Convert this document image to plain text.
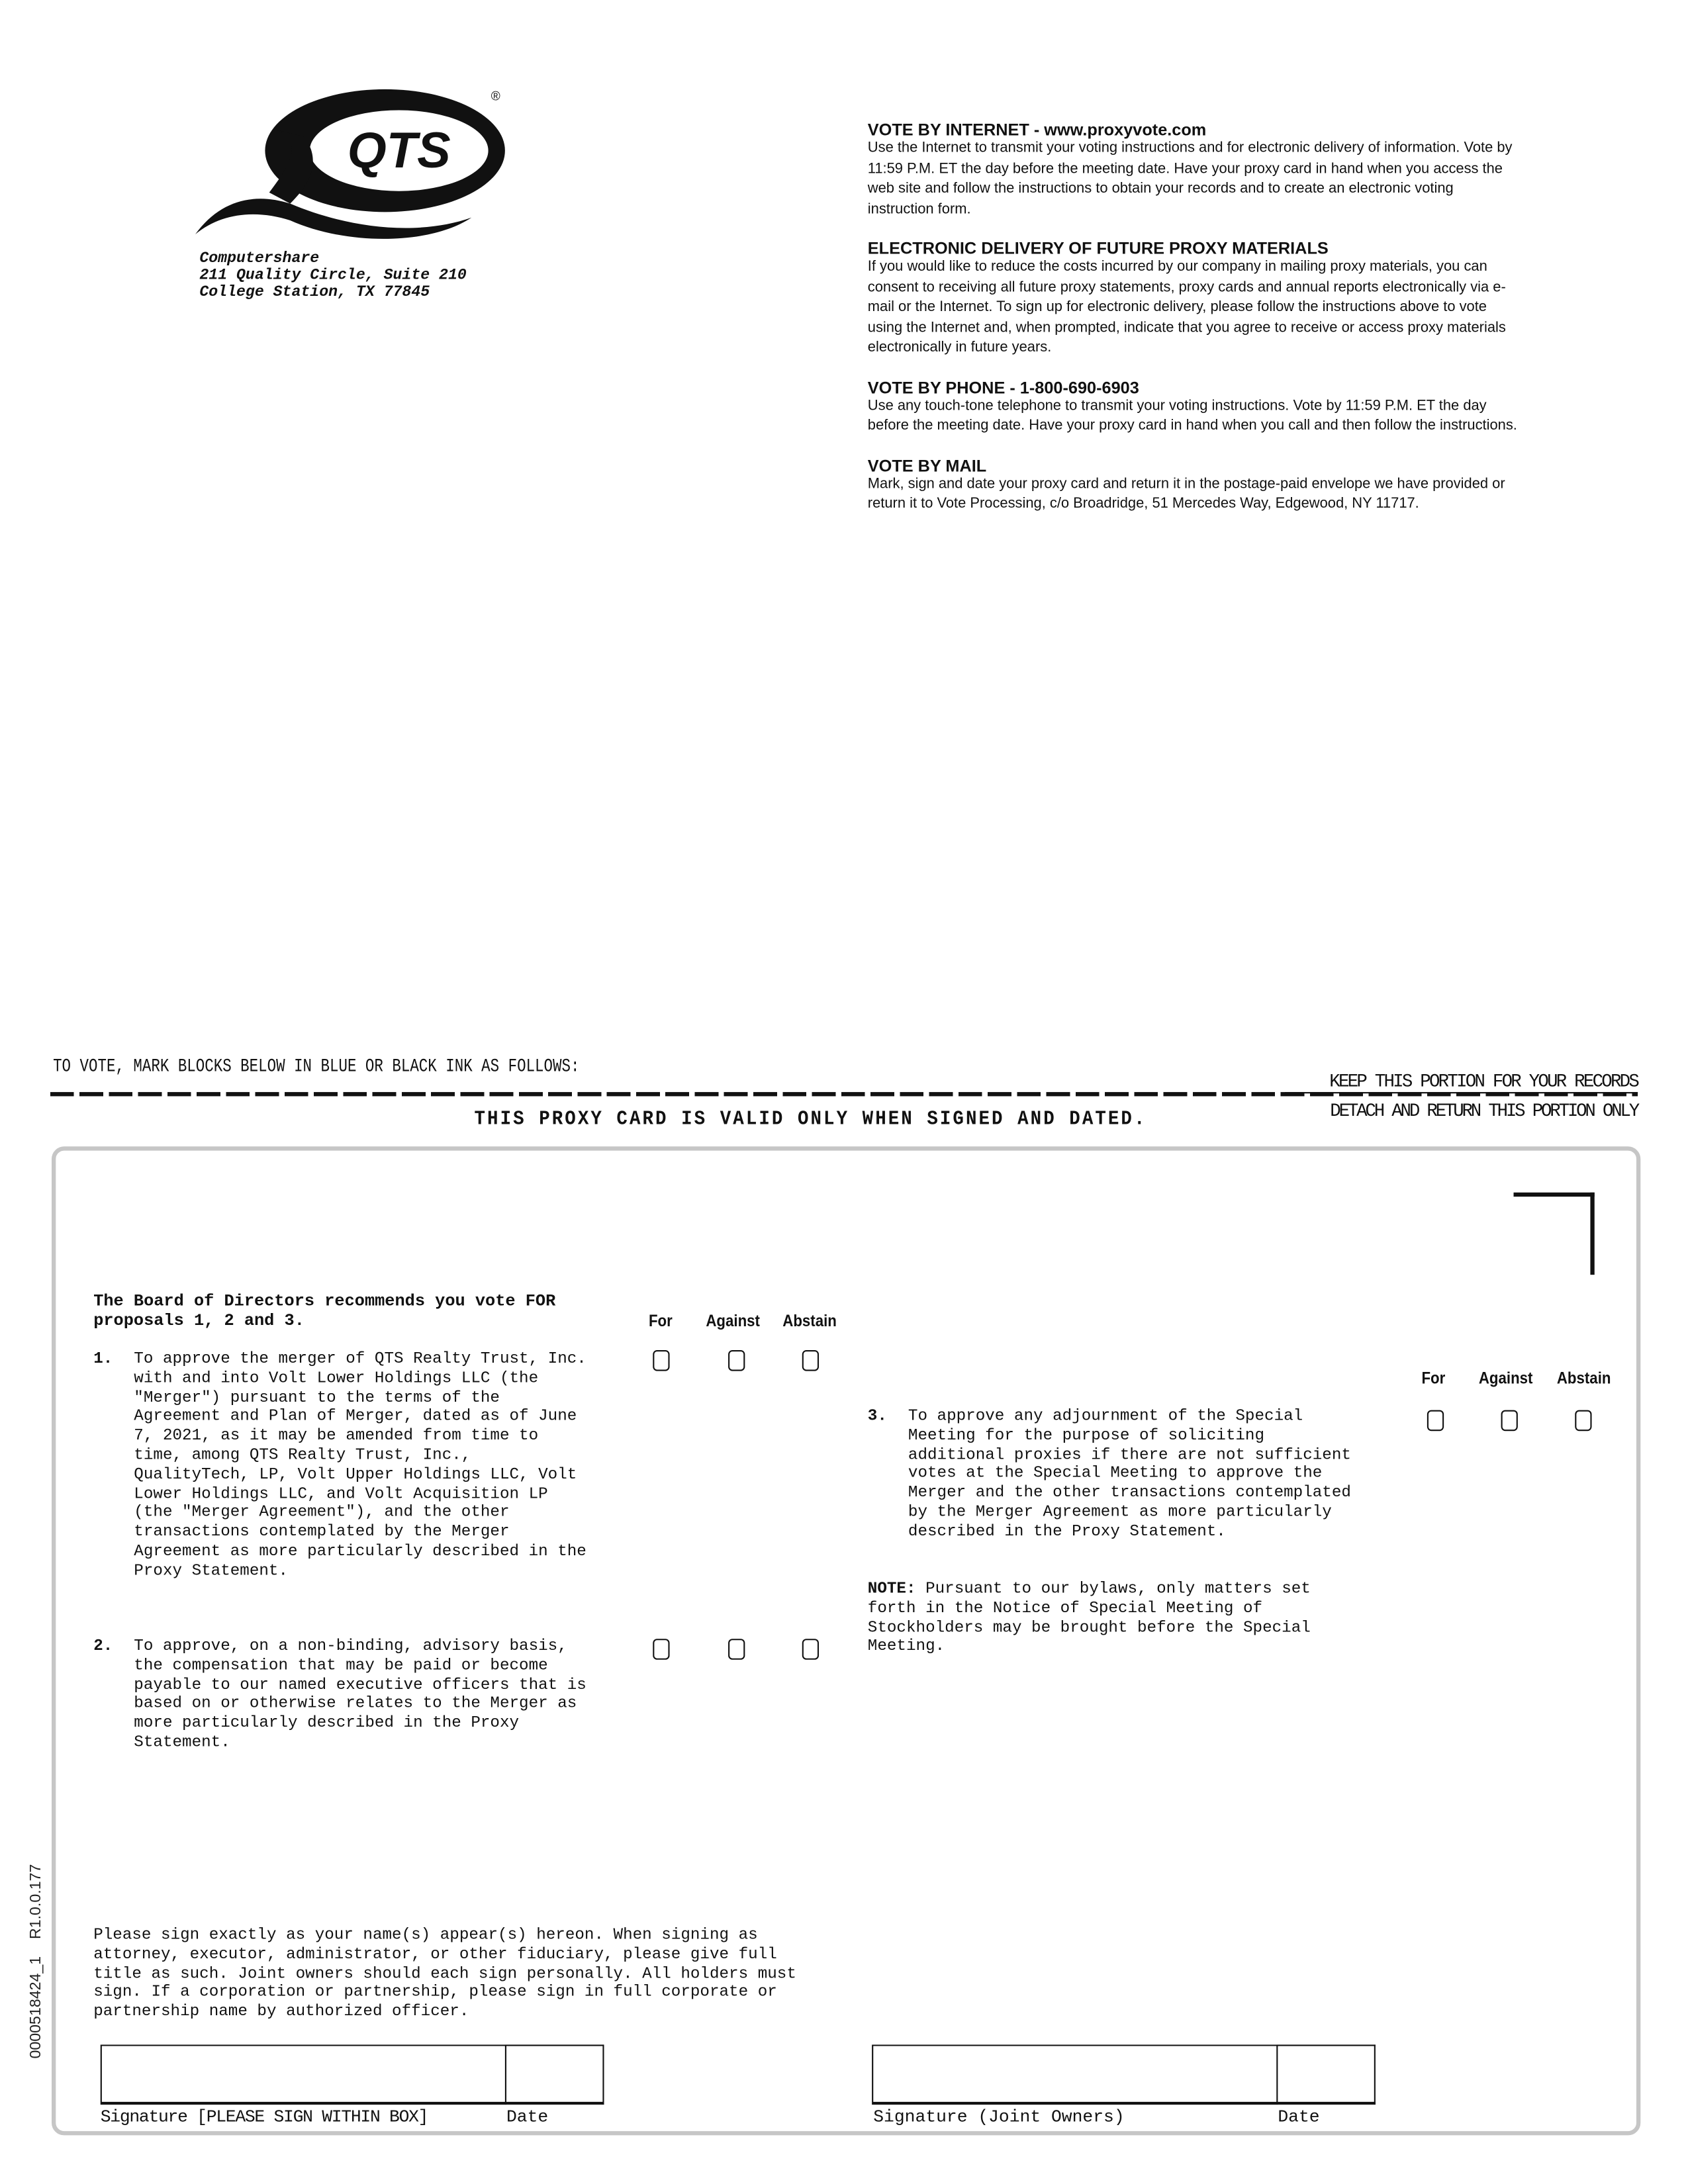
QTS
®
Computershare
211 Quality Circle, Suite 210
College Station, TX 77845
VOTE BY INTERNET - www.proxyvote.com
Use the Internet to transmit your voting instructions and for electronic delivery of information. Vote by 11:59 P.M. ET the day before the meeting date. Have your proxy card in hand when you access the web site and follow the instructions to obtain your records and to create an electronic voting instruction form.
ELECTRONIC DELIVERY OF FUTURE PROXY MATERIALS
If you would like to reduce the costs incurred by our company in mailing proxy materials, you can consent to receiving all future proxy statements, proxy cards and annual reports electronically via e-mail or the Internet. To sign up for electronic delivery, please follow the instructions above to vote using the Internet and, when prompted, indicate that you agree to receive or access proxy materials electronically in future years.
VOTE BY PHONE - 1-800-690-6903
Use any touch-tone telephone to transmit your voting instructions. Vote by 11:59 P.M. ET the day before the meeting date. Have your proxy card in hand when you call and then follow the instructions.
VOTE BY MAIL
Mark, sign and date your proxy card and return it in the postage-paid envelope we have provided or return it to Vote Processing, c/o Broadridge, 51 Mercedes Way, Edgewood, NY 11717.
TO VOTE, MARK BLOCKS BELOW IN BLUE OR BLACK INK AS FOLLOWS:
KEEP THIS PORTION FOR YOUR RECORDS
DETACH AND RETURN THIS PORTION ONLY
THIS PROXY CARD IS VALID ONLY WHEN SIGNED AND DATED.
The Board of Directors recommends you vote FOR
proposals 1, 2 and 3.	For	Against	Abstain
1.	To approve the merger of QTS Realty Trust, Inc.
with and into Volt Lower Holdings LLC (the
"Merger") pursuant to the terms of the
Agreement and Plan of Merger, dated as of June
7, 2021, as it may be amended from time to
time, among QTS Realty Trust, Inc.,
QualityTech, LP, Volt Upper Holdings LLC, Volt
Lower Holdings LLC, and Volt Acquisition LP
(the "Merger Agreement"), and the other
transactions contemplated by the Merger
Agreement as more particularly described in the
Proxy Statement.
2.	To approve, on a non-binding, advisory basis,
the compensation that may be paid or become
payable to our named executive officers that is
based on or otherwise relates to the Merger as
more particularly described in the Proxy
Statement.
For	Against	Abstain
3.	To approve any adjournment of the Special
Meeting for the purpose of soliciting
additional proxies if there are not sufficient
votes at the Special Meeting to approve the
Merger and the other transactions contemplated
by the Merger Agreement as more particularly
described in the Proxy Statement.
NOTE: Pursuant to our bylaws, only matters set
forth in the Notice of Special Meeting of
Stockholders may be brought before the Special
Meeting.
Please sign exactly as your name(s) appear(s) hereon. When signing as
attorney, executor, administrator, or other fiduciary, please give full
title as such. Joint owners should each sign personally. All holders must
sign. If a corporation or partnership, please sign in full corporate or
partnership name by authorized officer.
Signature [PLEASE SIGN WITHIN BOX]	Date	Signature (Joint Owners)	Date
0000518424_1    R1.0.0.177
